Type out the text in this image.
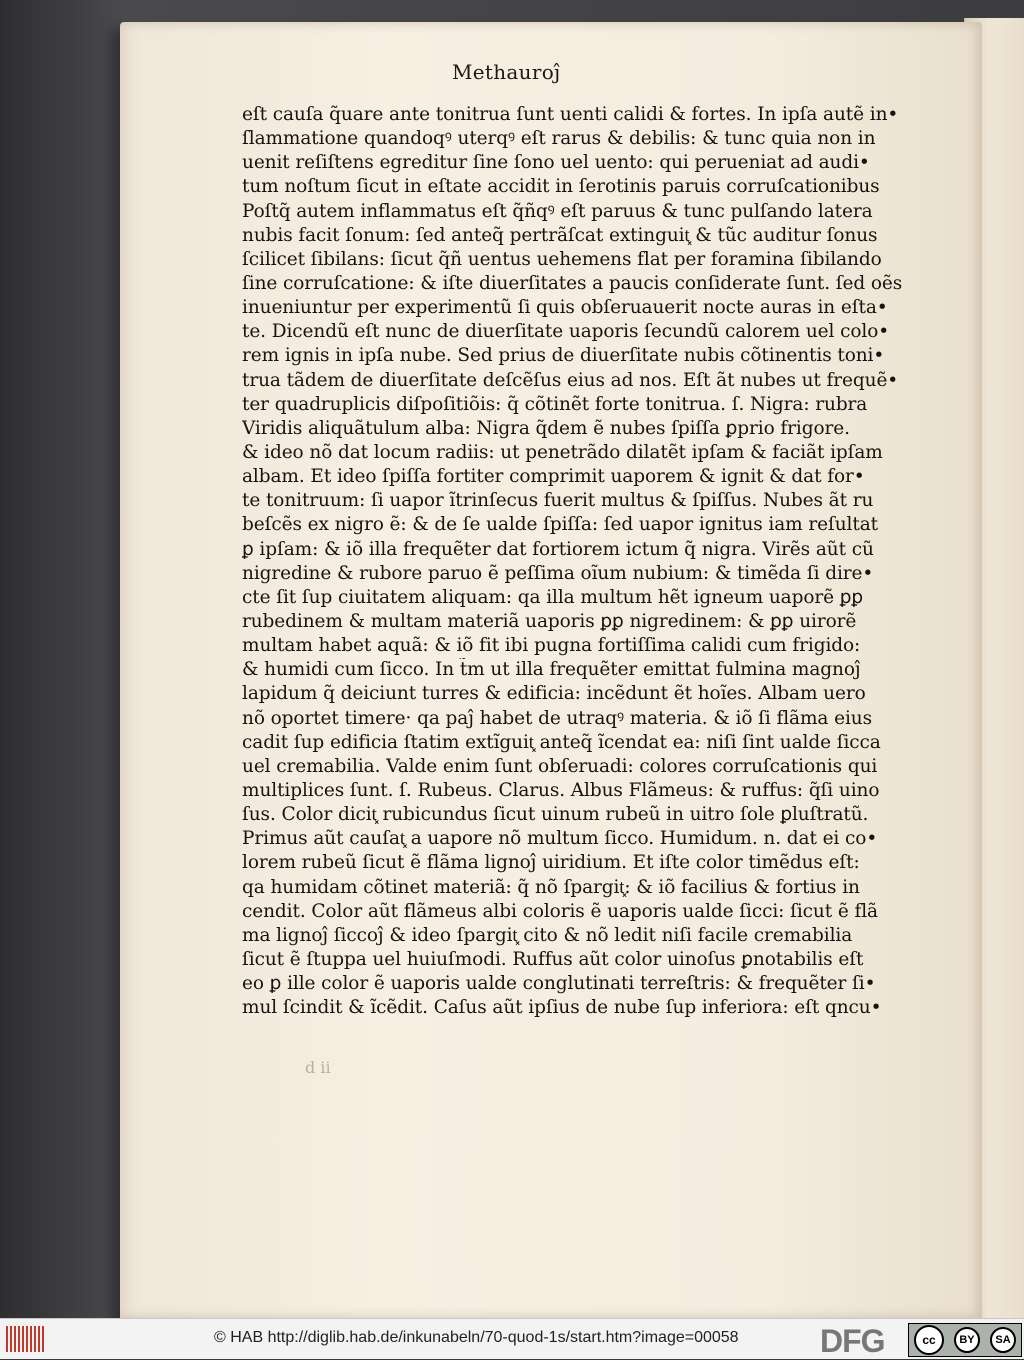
Methauroĵ
eſt cauſa q̃uare ante tonitrua ſunt uenti calidi & fortes. In ipſa autẽ in•
ſlammatione quandoqꝰ uterqꝰ eſt rarus & debilis: & tunc quia non in
uenit reſiſtens egreditur ſine ſono uel uento: qui perueniat ad audi•
tum noſtum ſicut in eſtate accidit in ſerotinis paruis corruſcationibus
Poſtq̃ autem inflammatus eſt q̃ñqꝰ eſt paruus & tunc pulſando latera
nubis facit ſonum: ſed anteq̃ pertrãſcat extinguit͓ & tũc auditur ſonus
ſcilicet ſibilans: ſicut q̃ñ uentus uehemens flat per foramina ſibilando
ſine corruſcatione: & iſte diuerſitates a paucis conſiderate ſunt. ſed oẽs
inueniuntur per experimentũ ſi quis obſeruauerit nocte auras in eſta•
te. Dicendũ eſt nunc de diuerſitate uaporis ſecundũ calorem uel colo•
rem ignis in ipſa nube. Sed prius de diuerſitate nubis cõtinentis toni•
trua tãdem de diuerſitate deſcẽſus eius ad nos. Eſt ãt nubes ut frequẽ•
ter quadruplicis diſpoſitiõis: q̃ cõtinẽt forte tonitrua. ſ. Nigra: rubra
Viridis aliquãtulum alba: Nigra q̃dem ẽ nubes ſpiſſa ꝑprio frigore.
& ideo nõ dat locum radiis: ut penetrãdo dilatẽt ipſam & faciãt ipſam
albam. Et ideo ſpiſſa fortiter comprimit uaporem & ignit & dat for•
te tonitruum: ſi uapor ĩtrinſecus fuerit multus & ſpiſſus. Nubes ãt ru
beſcẽs ex nigro ẽ: & de ſe ualde ſpiſſa: ſed uapor ignitus iam reſultat
ꝑ ipſam: & iõ illa frequẽter dat fortiorem ictum q̃ nigra. Virẽs aũt cũ
nigredine & rubore paruo ẽ peſſima oĩum nubium: & timẽda ſi dire•
cte ſit ſup ciuitatem aliquam: qa illa multum hẽt igneum uaporẽ ꝑꝑ
rubedinem & multam materiã uaporis ꝑꝑ nigredinem: & ꝑꝑ uirorẽ
multam habet aquã: & iõ fit ibi pugna fortiſſima calidi cum frigido:
& humidi cum ſicco. In t̃m ut illa frequẽter emittat fulmina magnoĵ
lapidum q̃ deiciunt turres & edificia: incẽdunt ẽt hoĩes. Albam uero
nõ oportet timere· qa paĵ habet de utraqꝰ materia. & iõ ſi flãma eius
cadit ſup edificia ſtatim extĩguit͓ anteq̃ ĩcendat ea: niſi ſint ualde ſicca
uel cremabilia. Valde enim ſunt obſeruadi: colores corruſcationis qui
multiplices ſunt. ſ. Rubeus. Clarus. Albus Flãmeus: & ruffus: q̃ſi uino
ſus. Color dicit͓ rubicundus ſicut uinum rubeũ in uitro ſole ꝑluſtratũ.
Primus aũt cauſat͓ a uapore nõ multum ſicco. Humidum. n. dat ei co•
lorem rubeũ ſicut ẽ flãma lignoĵ uiridium. Et iſte color timẽdus eſt:
qa humidam cõtinet materiã: q̃ nõ ſpargit͓: & iõ facilius & fortius in
cendit. Color aũt flãmeus albi coloris ẽ uaporis ualde ſicci: ſicut ẽ flã
ma lignoĵ ſiccoĵ & ideo ſpargit͓ cito & nõ ledit niſi facile cremabilia
ſicut ẽ ſtuppa uel huiuſmodi. Ruffus aũt color uinoſus ꝑnotabilis eſt
eo ꝑ ille color ẽ uaporis ualde conglutinati terreſtris: & frequẽter ſi•
mul ſcindit & ĩcẽdit. Caſus aũt ipſius de nube ſup inferiora: eſt qncu•
d ii
© HAB http://diglib.hab.de/inkunabeln/70-quod-1s/start.htm?image=00058	DFG	cc	BY	SA
